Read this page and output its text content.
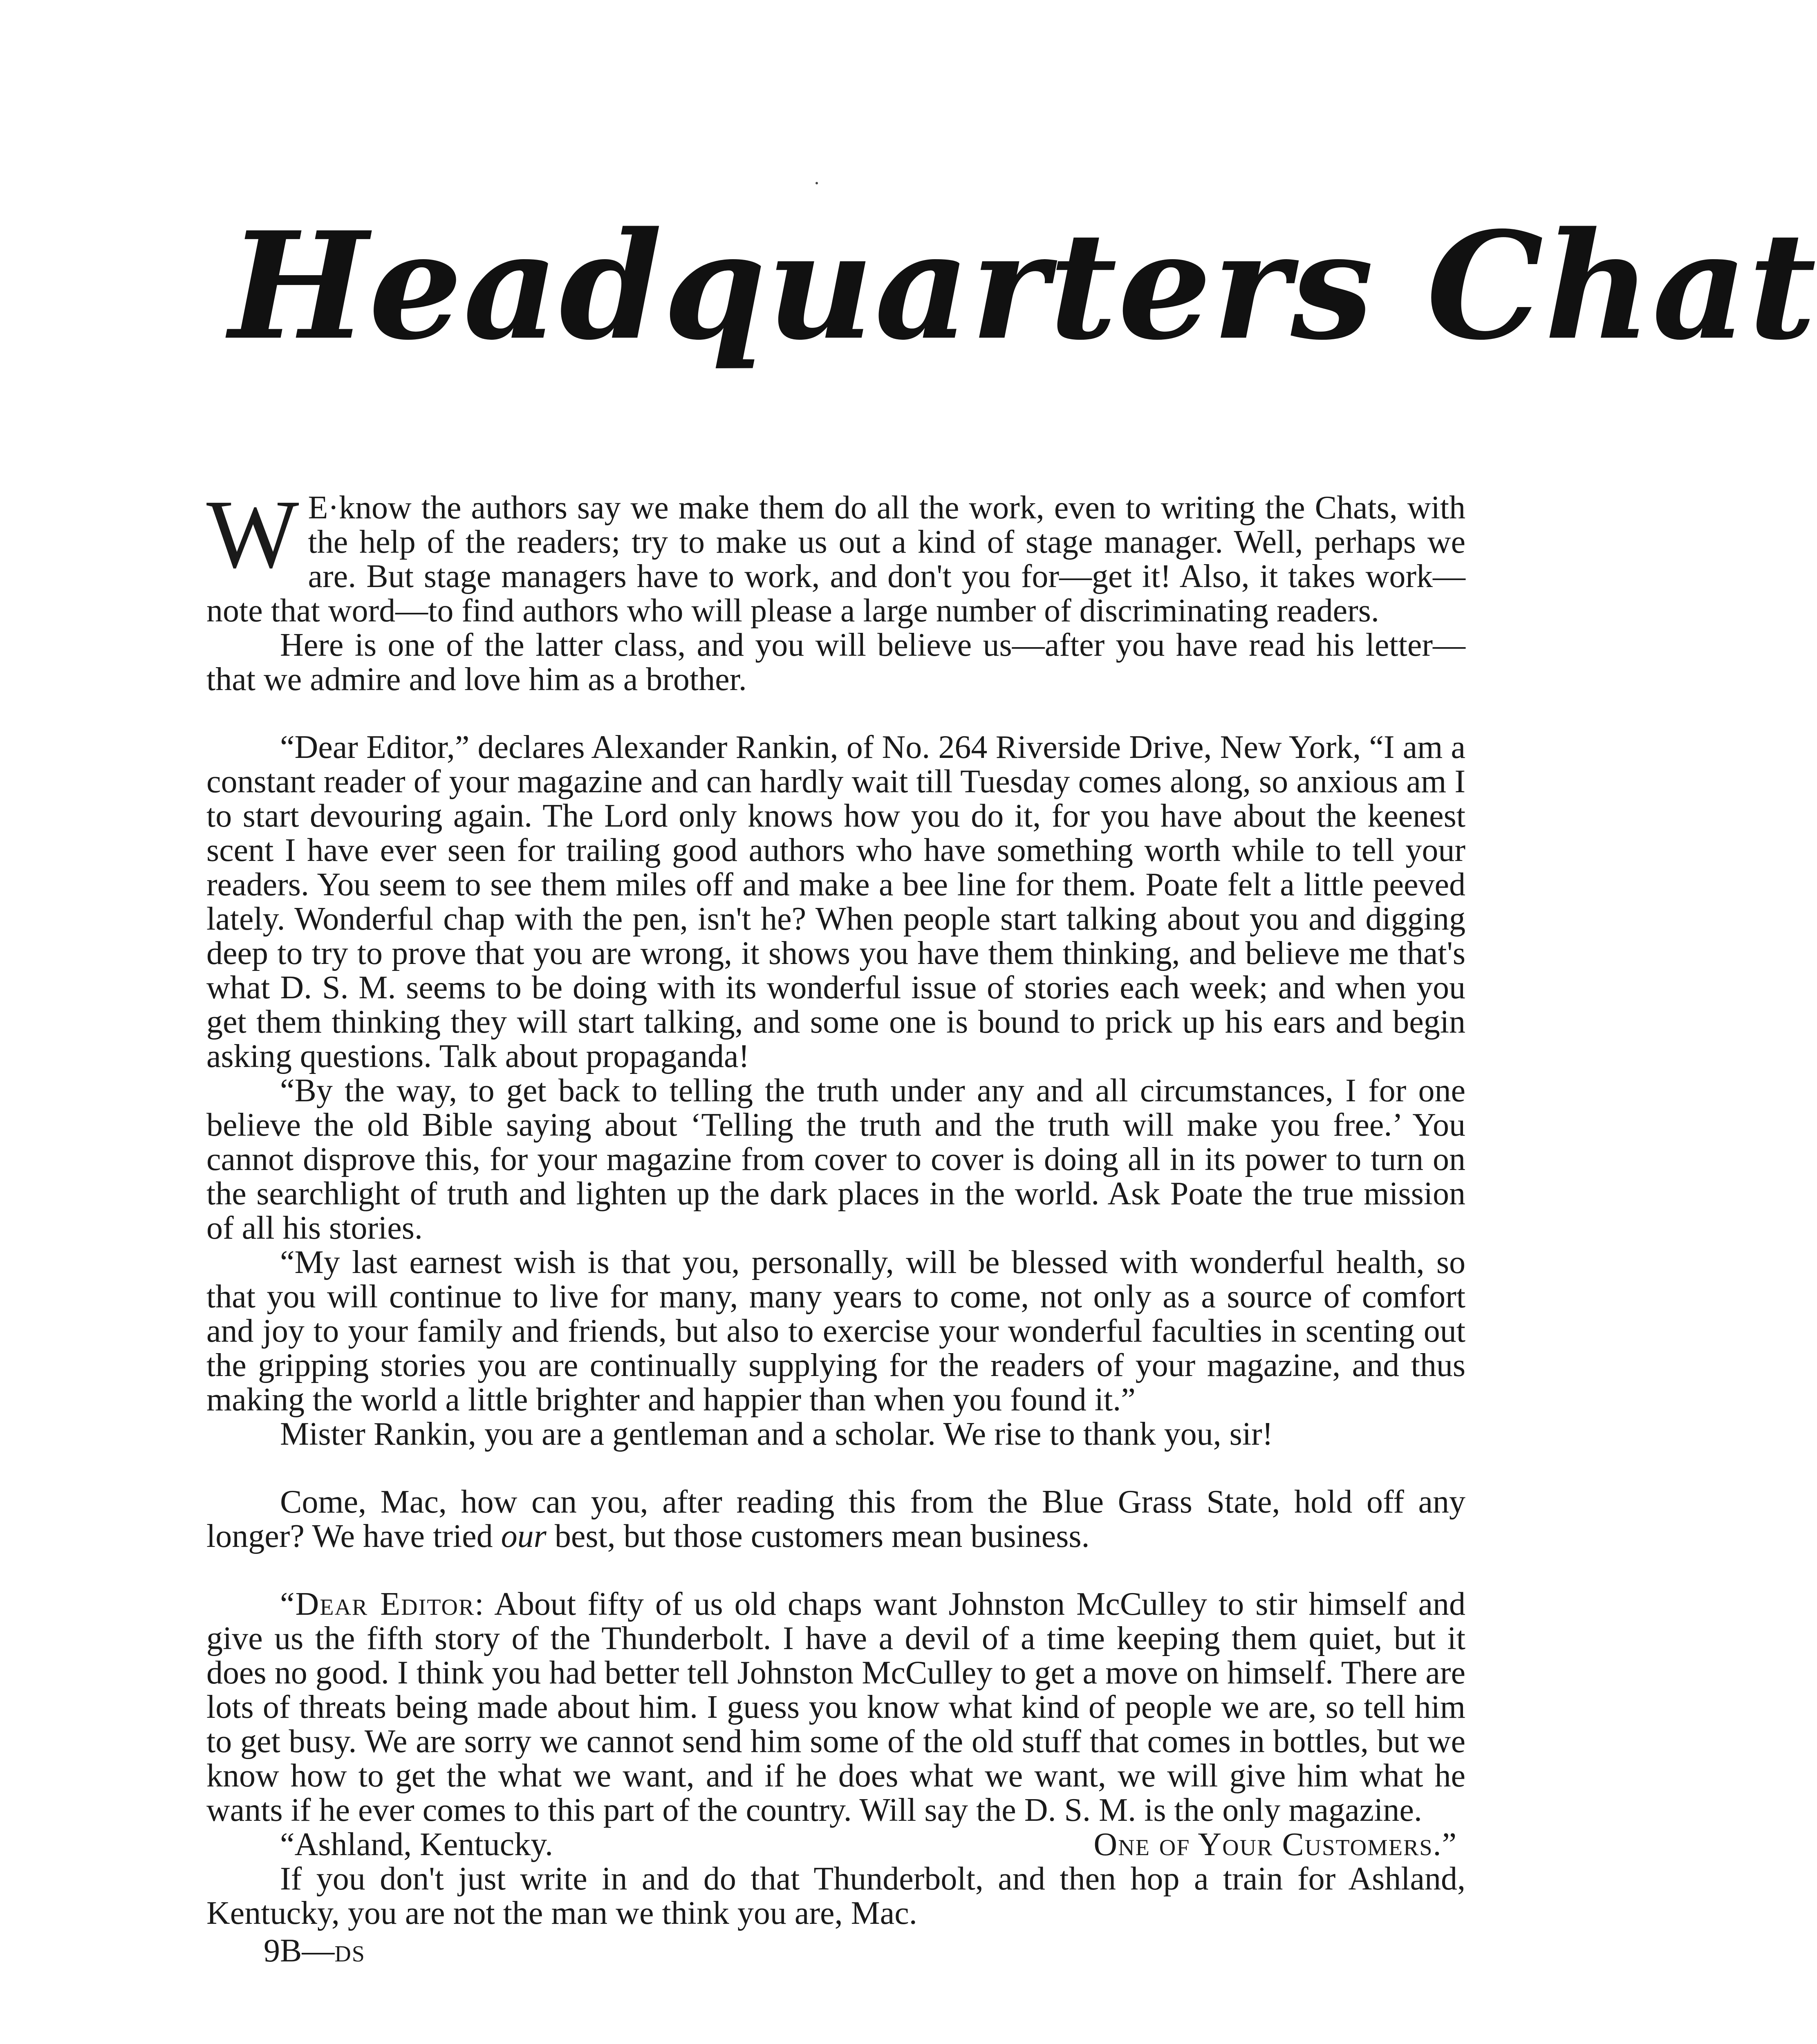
Headquarters Chat

W E·know the authors say we make them do all the work, even to writing the Chats, with the help of the readers; try to make us out a kind of stage manager. Well, perhaps we are. But stage managers have to work, and don't you for—get it! Also, it takes work—note that word—to find authors who will please a large number of discriminating readers.

Here is one of the latter class, and you will believe us—after you have read his letter—that we admire and love him as a brother.

“Dear Editor,” declares Alexander Rankin, of No. 264 Riverside Drive, New York, “I am a constant reader of your magazine and can hardly wait till Tuesday comes along, so anxious am I to start devouring again. The Lord only knows how you do it, for you have about the keenest scent I have ever seen for trailing good authors who have something worth while to tell your readers. You seem to see them miles off and make a bee line for them. Poate felt a little peeved lately. Wonderful chap with the pen, isn't he? When people start talking about you and digging deep to try to prove that you are wrong, it shows you have them thinking, and believe me that's what D. S. M. seems to be doing with its wonderful issue of stories each week; and when you get them thinking they will start talking, and some one is bound to prick up his ears and begin asking questions. Talk about propaganda!

“By the way, to get back to telling the truth under any and all circumstances, I for one believe the old Bible saying about ‘Telling the truth and the truth will make you free.’ You cannot disprove this, for your magazine from cover to cover is doing all in its power to turn on the searchlight of truth and lighten up the dark places in the world. Ask Poate the true mission of all his stories.

“My last earnest wish is that you, personally, will be blessed with wonderful health, so that you will continue to live for many, many years to come, not only as a source of comfort and joy to your family and friends, but also to exercise your wonderful faculties in scenting out the gripping stories you are continually supplying for the readers of your magazine, and thus making the world a little brighter and happier than when you found it.”

Mister Rankin, you are a gentleman and a scholar. We rise to thank you, sir!

Come, Mac, how can you, after reading this from the Blue Grass State, hold off any longer? We have tried our best, but those customers mean business.

“Dear Editor: About fifty of us old chaps want Johnston McCulley to stir himself and give us the fifth story of the Thunderbolt. I have a devil of a time keeping them quiet, but it does no good. I think you had better tell Johnston McCulley to get a move on himself. There are lots of threats being made about him. I guess you know what kind of people we are, so tell him to get busy. We are sorry we cannot send him some of the old stuff that comes in bottles, but we know how to get the what we want, and if he does what we want, we will give him what he wants if he ever comes to this part of the country. Will say the D. S. M. is the only magazine.

“Ashland, Kentucky.	One of Your Customers.”

If you don't just write in and do that Thunderbolt, and then hop a train for Ashland, Kentucky, you are not the man we think you are, Mac.

9B—ds
